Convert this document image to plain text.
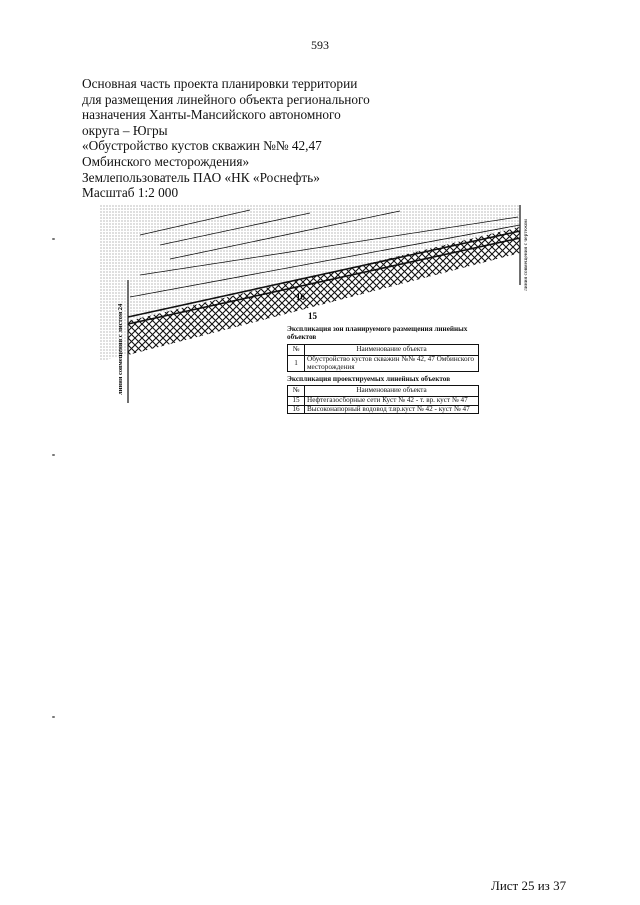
593
Основная часть проекта планировки территории
для размещения линейного объекта регионального
назначения Ханты-Мансийского автономного
округа – Югры
«Обустройство кустов скважин №№ 42,47
Омбинского месторождения»
Землепользователь ПАО «НК «Роснефть»
Масштаб 1:2 000
16
15
линия совмещения с листом 24
линия совмещения с чертежом
Экспликация зон планируемого размещения линейных объектов
№	Наименование объекта
1	Обустройство кустов скважин №№ 42, 47 Омбинского месторождения
Экспликация проектируемых линейных объектов
№	Наименование объекта
15	Нефтегазосборные сети Куст № 42 - т. вр. куст № 47
16	Высоконапорный водовод т.вр.куст № 42 - куст № 47
Лист 25 из 37
